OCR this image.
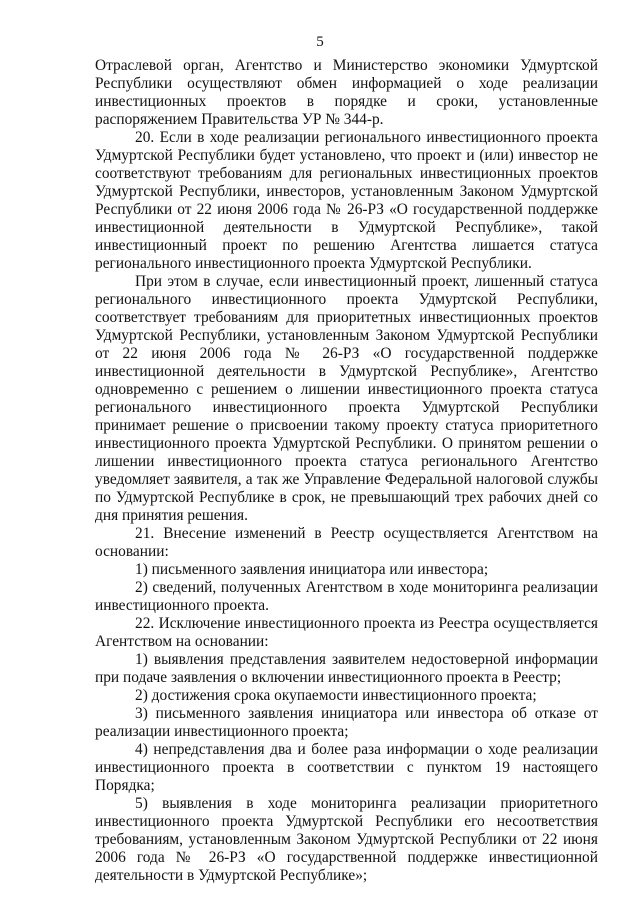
5

Отраслевой орган, Агентство и Министерство экономики Удмуртской Республики осуществляют обмен информацией о ходе реализации инвестиционных проектов в порядке и сроки, установленные распоряжением Правительства УР № 344-р.

20. Если в ходе реализации регионального инвестиционного проекта Удмуртской Республики будет установлено, что проект и (или) инвестор не соответствуют требованиям для региональных инвестиционных проектов Удмуртской Республики, инвесторов, установленным Законом Удмуртской Республики от 22 июня 2006 года № 26-РЗ «О государственной поддержке инвестиционной деятельности в Удмуртской Республике», такой инвестиционный проект по решению Агентства лишается статуса регионального инвестиционного проекта Удмуртской Республики.

При этом в случае, если инвестиционный проект, лишенный статуса регионального инвестиционного проекта Удмуртской Республики, соответствует требованиям для приоритетных инвестиционных проектов Удмуртской Республики, установленным Законом Удмуртской Республики от 22 июня 2006 года № 26-РЗ «О государственной поддержке инвестиционной деятельности в Удмуртской Республике», Агентство одновременно с решением о лишении инвестиционного проекта статуса регионального инвестиционного проекта Удмуртской Республики принимает решение о присвоении такому проекту статуса приоритетного инвестиционного проекта Удмуртской Республики. О принятом решении о лишении инвестиционного проекта статуса регионального Агентство уведомляет заявителя, а так же Управление Федеральной налоговой службы по Удмуртской Республике в срок, не превышающий трех рабочих дней со дня принятия решения.

21. Внесение изменений в Реестр осуществляется Агентством на основании:

1) письменного заявления инициатора или инвестора;

2) сведений, полученных Агентством в ходе мониторинга реализации инвестиционного проекта.

22. Исключение инвестиционного проекта из Реестра осуществляется Агентством на основании:

1) выявления представления заявителем недостоверной информации при подаче заявления о включении инвестиционного проекта в Реестр;

2) достижения срока окупаемости инвестиционного проекта;

3) письменного заявления инициатора или инвестора об отказе от реализации инвестиционного проекта;

4) непредставления два и более раза информации о ходе реализации инвестиционного проекта в соответствии с пунктом 19 настоящего Порядка;

5) выявления в ходе мониторинга реализации приоритетного инвестиционного проекта Удмуртской Республики его несоответствия требованиям, установленным Законом Удмуртской Республики от 22 июня 2006 года № 26-РЗ «О государственной поддержке инвестиционной деятельности в Удмуртской Республике»;
